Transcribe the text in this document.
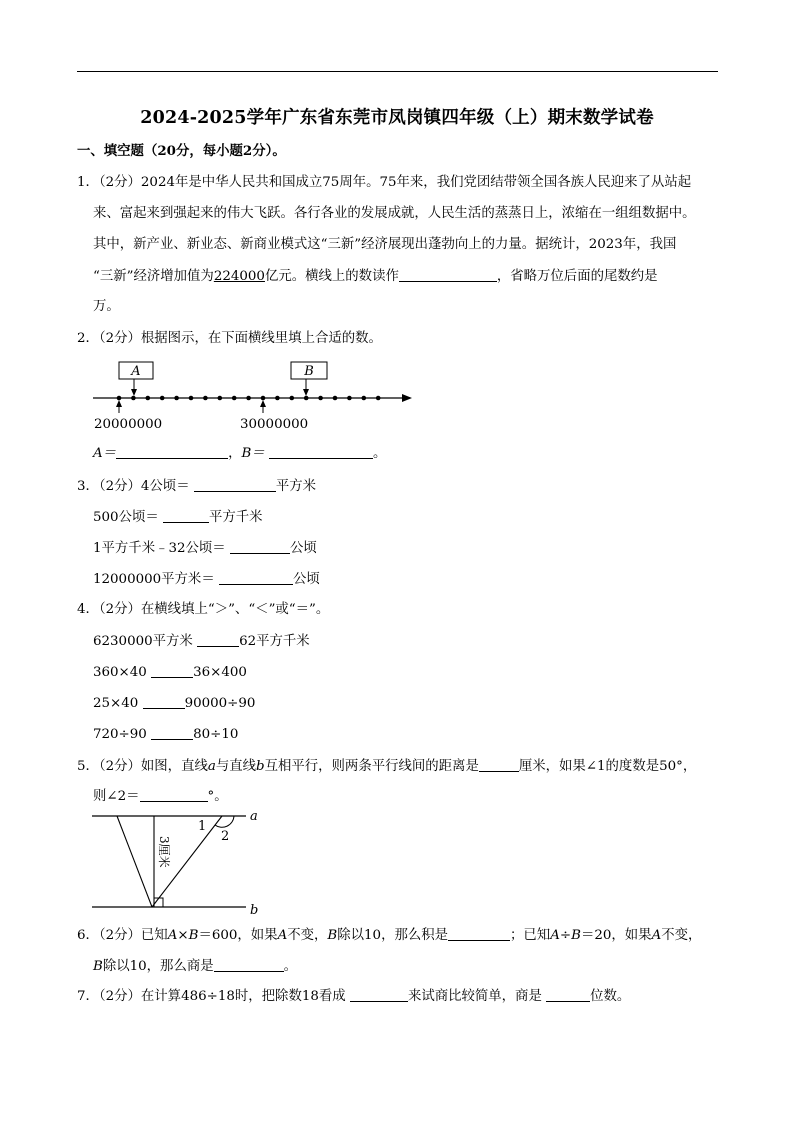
2024-2025学年广东省东莞市凤岗镇四年级（上）期末数学试卷
一、填空题（20分，每小题2分）。
1．（2分）2024年是中华人民共和国成立75周年。75年来，我们党团结带领全国各族人民迎来了从站起
来、富起来到强起来的伟大飞跃。各行各业的发展成就，人民生活的蒸蒸日上，浓缩在一组组数据中。
其中，新产业、新业态、新商业模式这“三新”经济展现出蓬勃向上的力量。据统计，2023年，我国
“三新”经济增加值为224000亿元。横线上的数读作	，省略万位后面的尾数约是
万。
2．（2分）根据图示，在下面横线里填上合适的数。
A	B
20000000	30000000
A＝	，B＝	。
3．（2分）4公顷＝	平方米
500公顷＝	平方千米
1平方千米﹣32公顷＝	公顷
12000000平方米＝	公顷
4．（2分）在横线填上“＞”、“＜”或“＝”。
6230000平方米	62平方千米
360×40	36×400
25×40	90000÷90
720÷90	80÷10
5．（2分）如图，直线a与直线b互相平行，则两条平行线间的距离是	厘米，如果∠1的度数是50°，
则∠2＝	°。
1
2
a
b
3厘米
6．（2分）已知A×B＝600，如果A不变，B除以10，那么积是	；已知A÷B＝20，如果A不变，
B除以10，那么商是	。
7．（2分）在计算486÷18时，把除数18看成	来试商比较简单，商是	位数。
